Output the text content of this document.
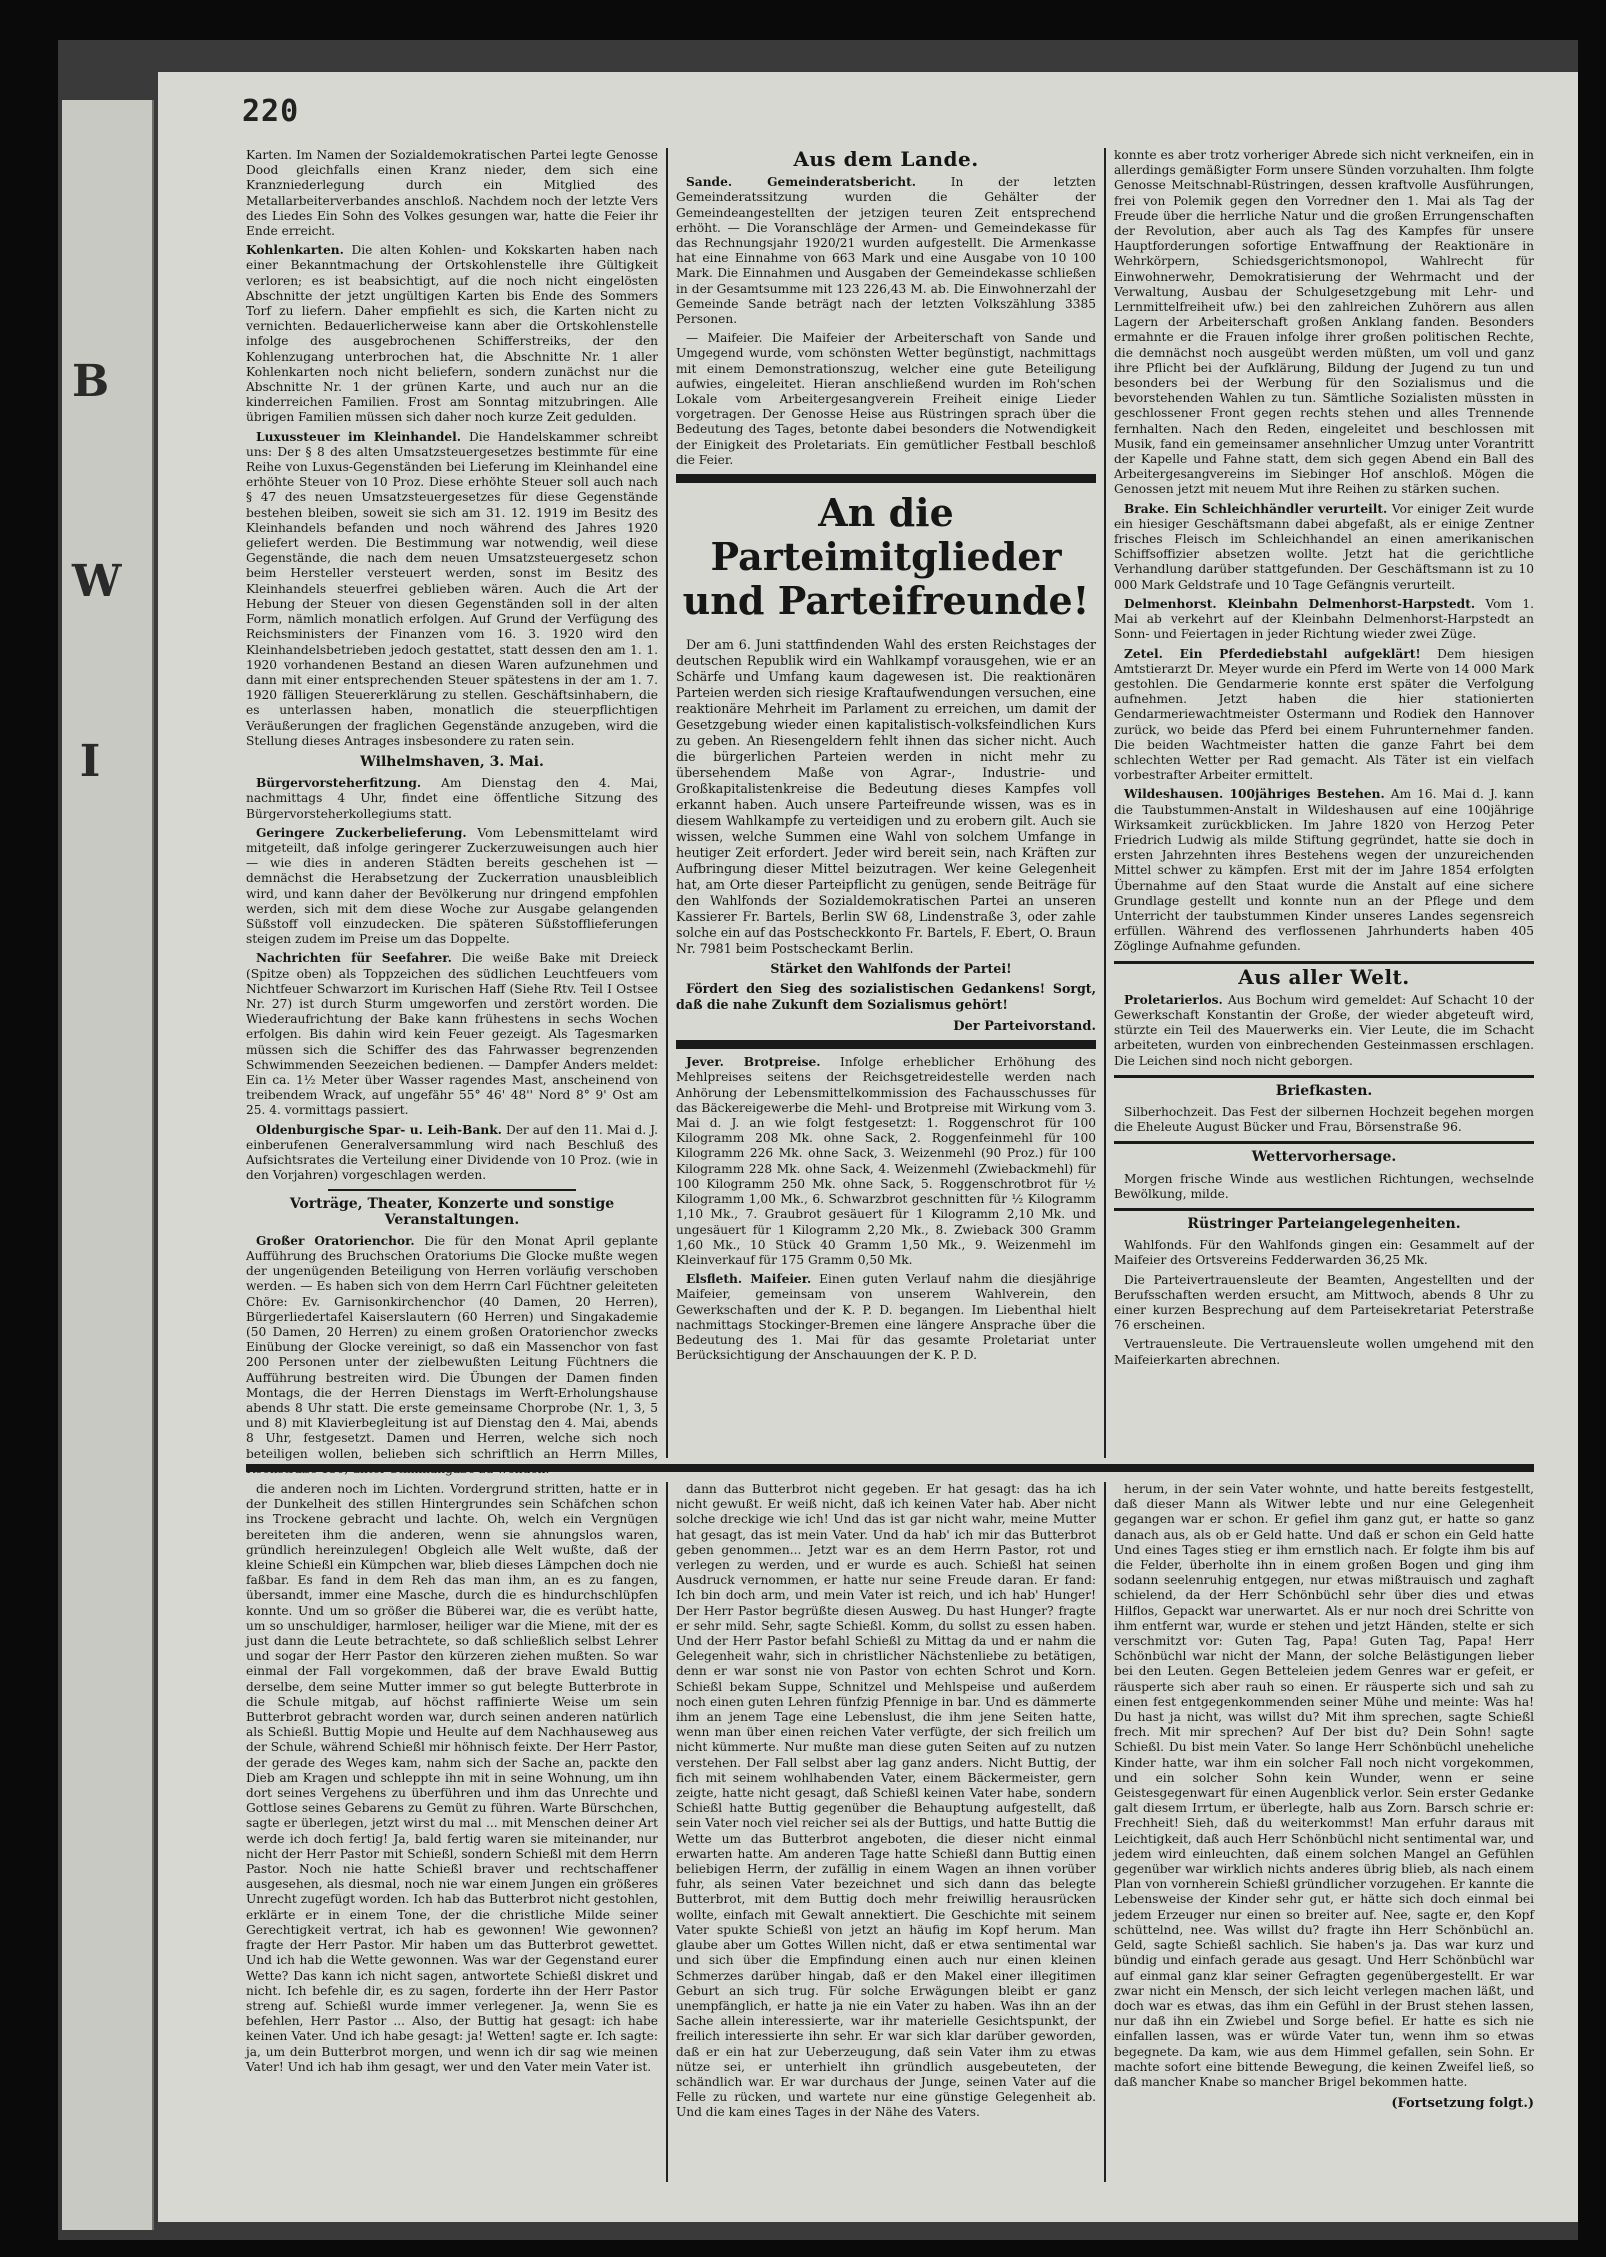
B
W
I
220

Karten. Im Namen der Sozialdemokratischen Partei legte Genosse Dood gleichfalls einen Kranz nieder, dem sich eine Kranzniederlegung durch ein Mitglied des Metallarbeiterverbandes anschloß. Nachdem noch der letzte Vers des Liedes Ein Sohn des Volkes gesungen war, hatte die Feier ihr Ende erreicht.

Kohlenkarten. Die alten Kohlen- und Kokskarten haben nach einer Bekanntmachung der Ortskohlenstelle ihre Gültigkeit verloren; es ist beabsichtigt, auf die noch nicht eingelösten Abschnitte der jetzt ungültigen Karten bis Ende des Sommers Torf zu liefern. Daher empfiehlt es sich, die Karten nicht zu vernichten. Bedauerlicherweise kann aber die Ortskohlenstelle infolge des ausgebrochenen Schifferstreiks, der den Kohlenzugang unterbrochen hat, die Abschnitte Nr. 1 aller Kohlenkarten noch nicht beliefern, sondern zunächst nur die Abschnitte Nr. 1 der grünen Karte, und auch nur an die kinderreichen Familien. Frost am Sonntag mitzubringen. Alle übrigen Familien müssen sich daher noch kurze Zeit gedulden.

Luxussteuer im Kleinhandel. Die Handelskammer schreibt uns: Der § 8 des alten Umsatzsteuergesetzes bestimmte für eine Reihe von Luxus-Gegenständen bei Lieferung im Kleinhandel eine erhöhte Steuer von 10 Proz. Diese erhöhte Steuer soll auch nach § 47 des neuen Umsatzsteuergesetzes für diese Gegenstände bestehen bleiben, soweit sie sich am 31. 12. 1919 im Besitz des Kleinhandels befanden und noch während des Jahres 1920 geliefert werden. Die Bestimmung war notwendig, weil diese Gegenstände, die nach dem neuen Umsatzsteuergesetz schon beim Hersteller versteuert werden, sonst im Besitz des Kleinhandels steuerfrei geblieben wären. Auch die Art der Hebung der Steuer von diesen Gegenständen soll in der alten Form, nämlich monatlich erfolgen. Auf Grund der Verfügung des Reichsministers der Finanzen vom 16. 3. 1920 wird den Kleinhandelsbetrieben jedoch gestattet, statt dessen den am 1. 1. 1920 vorhandenen Bestand an diesen Waren aufzunehmen und dann mit einer entsprechenden Steuer spätestens in der am 1. 7. 1920 fälligen Steuererklärung zu stellen. Geschäftsinhabern, die es unterlassen haben, monatlich die steuerpflichtigen Veräußerungen der fraglichen Gegenstände anzugeben, wird die Stellung dieses Antrages insbesondere zu raten sein.

Wilhelmshaven, 3. Mai.

Bürgervorsteherfitzung. Am Dienstag den 4. Mai, nachmittags 4 Uhr, findet eine öffentliche Sitzung des Bürgervorsteherkollegiums statt.

Geringere Zuckerbelieferung. Vom Lebensmittelamt wird mitgeteilt, daß infolge geringerer Zuckerzuweisungen auch hier — wie dies in anderen Städten bereits geschehen ist — demnächst die Herabsetzung der Zuckerration unausbleiblich wird, und kann daher der Bevölkerung nur dringend empfohlen werden, sich mit dem diese Woche zur Ausgabe gelangenden Süßstoff voll einzudecken. Die späteren Süßstofflieferungen steigen zudem im Preise um das Doppelte.

Nachrichten für Seefahrer. Die weiße Bake mit Dreieck (Spitze oben) als Toppzeichen des südlichen Leuchtfeuers vom Nichtfeuer Schwarzort im Kurischen Haff (Siehe Rtv. Teil I Ostsee Nr. 27) ist durch Sturm umgeworfen und zerstört worden. Die Wiederaufrichtung der Bake kann frühestens in sechs Wochen erfolgen. Bis dahin wird kein Feuer gezeigt. Als Tagesmarken müssen sich die Schiffer des das Fahrwasser begrenzenden Schwimmenden Seezeichen bedienen. — Dampfer Anders meldet: Ein ca. 1½ Meter über Wasser ragendes Mast, anscheinend von treibendem Wrack, auf ungefähr 55° 46' 48'' Nord 8° 9' Ost am 25. 4. vormittags passiert.

Oldenburgische Spar- u. Leih-Bank. Der auf den 11. Mai d. J. einberufenen Generalversammlung wird nach Beschluß des Aufsichtsrates die Verteilung einer Dividende von 10 Proz. (wie in den Vorjahren) vorgeschlagen werden.

Vorträge, Theater, Konzerte und sonstige Veranstaltungen.

Großer Oratorienchor. Die für den Monat April geplante Aufführung des Bruchschen Oratoriums Die Glocke mußte wegen der ungenügenden Beteiligung von Herren vorläufig verschoben werden. — Es haben sich von dem Herrn Carl Füchtner geleiteten Chöre: Ev. Garnisonkirchenchor (40 Damen, 20 Herren), Bürgerliedertafel Kaiserslautern (60 Herren) und Singakademie (50 Damen, 20 Herren) zu einem großen Oratorienchor zwecks Einübung der Glocke vereinigt, so daß ein Massenchor von fast 200 Personen unter der zielbewußten Leitung Füchtners die Aufführung bestreiten wird. Die Übungen der Damen finden Montags, die der Herren Dienstags im Werft-Erholungshause abends 8 Uhr statt. Die erste gemeinsame Chorprobe (Nr. 1, 3, 5 und 8) mit Klavierbegleitung ist auf Dienstag den 4. Mai, abends 8 Uhr, festgesetzt. Damen und Herren, welche sich noch beteiligen wollen, belieben sich schriftlich an Herrn Milles,

Aus dem Lande.

Sande. Gemeinderatsbericht.	In der letzten Gemeinderatssitzung wurden die Gehälter der Gemeindeangestellten der jetzigen teuren Zeit entsprechend erhöht. — Die Voranschläge der Armen- und Gemeindekasse für das Rechnungsjahr 1920/21 wurden aufgestellt. Die Armenkasse hat eine Einnahme von 663 Mark und eine Ausgabe von 10 100 Mark. Die Einnahmen und Ausgaben der Gemeindekasse schließen in der Gesamtsumme mit 123 226,43 M. ab. Die Einwohnerzahl der Gemeinde Sande beträgt nach der letzten Volkszählung 3385 Personen.

— Maifeier. Die Maifeier der Arbeiterschaft von Sande und Umgegend wurde, vom schönsten Wetter begünstigt, nachmittags mit einem Demonstrationszug, welcher eine gute Beteiligung aufwies, eingeleitet. Hieran anschließend wurden im Roh'schen Lokale vom Arbeitergesangverein Freiheit einige Lieder vorgetragen. Der Genosse Heise aus Rüstringen sprach über die Bedeutung des Tages, betonte dabei besonders die Notwendigkeit der Einigkeit des Proletariats. Ein gemütlicher Festball beschloß die Feier.

An die Parteimitglieder und Parteifreunde!

Der am 6. Juni stattfindenden Wahl des ersten Reichstages der deutschen Republik wird ein Wahlkampf vorausgehen, wie er an Schärfe und Umfang kaum dagewesen ist. Die reaktionären Parteien werden sich riesige Kraftaufwendungen versuchen, eine reaktionäre Mehrheit im Parlament zu erreichen, um damit der Gesetzgebung wieder einen kapitalistisch-volksfeindlichen Kurs zu geben. An Riesengeldern fehlt ihnen das sicher nicht. Auch die bürgerlichen Parteien werden in nicht mehr zu übersehendem Maße von Agrar-, Industrie- und Großkapitalistenkreise die Bedeutung dieses Kampfes voll erkannt haben. Auch unsere Parteifreunde wissen, was es in diesem Wahlkampfe zu verteidigen und zu erobern gilt. Auch sie wissen, welche Summen eine Wahl von solchem Umfange in heutiger Zeit erfordert. Jeder wird bereit sein, nach Kräften zur Aufbringung dieser Mittel beizutragen. Wer keine Gelegenheit hat, am Orte dieser Parteipflicht zu genügen, sende Beiträge für den Wahlfonds der Sozialdemokratischen Partei an unseren Kassierer Fr. Bartels, Berlin SW 68, Lindenstraße 3, oder zahle solche ein auf das Postscheckkonto Fr. Bartels, F. Ebert, O. Braun Nr. 7981 beim Postscheckamt Berlin.

Stärket den Wahlfonds der Partei!

Fördert den Sieg des sozialistischen Gedankens! Sorgt, daß die nahe Zukunft dem Sozialismus gehört!

Der Parteivorstand.

Jever. Brotpreise. Infolge erheblicher Erhöhung des Mehlpreises seitens der Reichsgetreidestelle werden nach Anhörung der Lebensmittelkommission des Fachausschusses für das Bäckereigewerbe die Mehl- und Brotpreise mit Wirkung vom 3. Mai d. J. an wie folgt festgesetzt: 1. Roggenschrot für 100 Kilogramm 208 Mk. ohne Sack, 2. Roggenfeinmehl für 100 Kilogramm 226 Mk. ohne Sack, 3. Weizenmehl (90 Proz.) für 100 Kilogramm 228 Mk. ohne Sack, 4. Weizenmehl (Zwiebackmehl) für 100 Kilogramm 250 Mk. ohne Sack, 5. Roggenschrotbrot für ½ Kilogramm 1,00 Mk., 6. Schwarzbrot geschnitten für ½ Kilogramm 1,10 Mk., 7. Graubrot gesäuert für 1 Kilogramm 2,10 Mk. und ungesäuert für 1 Kilogramm 2,20 Mk., 8. Zwieback 300 Gramm 1,60 Mk., 10 Stück 40 Gramm 1,50 Mk., 9. Weizenmehl im Kleinverkauf für 175 Gramm 0,50 Mk.

Elsfleth. Maifeier. Einen guten Verlauf nahm die diesjährige Maifeier, gemeinsam von unserem Wahlverein, den Gewerkschaften und der K. P. D. begangen. Im Liebenthal hielt nachmittags Stockinger-Bremen eine längere Ansprache über die Bedeutung des 1. Mai für das gesamte Proletariat unter Berücksichtigung der Anschauungen der K. P. D.

konnte es aber trotz vorheriger Abrede sich nicht verkneifen, ein in allerdings gemäßigter Form unsere Sünden vorzuhalten. Ihm folgte Genosse Meitschnabl-Rüstringen, dessen kraftvolle Ausführungen, frei von Polemik gegen den Vorredner den 1. Mai als Tag der Freude über die herrliche Natur und die großen Errungenschaften der Revolution, aber auch als Tag des Kampfes für unsere Hauptforderungen sofortige Entwaffnung der Reaktionäre in Wehrkörpern, Schiedsgerichtsmonopol, Wahlrecht für Einwohnerwehr, Demokratisierung der Wehrmacht und der Verwaltung, Ausbau der Schulgesetzgebung mit Lehr- und Lernmittelfreiheit ufw.) bei den zahlreichen Zuhörern aus allen Lagern der Arbeiterschaft großen Anklang fanden. Besonders ermahnte er die Frauen infolge ihrer großen politischen Rechte, die demnächst noch ausgeübt werden müßten, um voll und ganz ihre Pflicht bei der Aufklärung, Bildung der Jugend zu tun und besonders bei der Werbung für den Sozialismus und die bevorstehenden Wahlen zu tun. Sämtliche Sozialisten müssten in geschlossener Front gegen rechts stehen und alles Trennende fernhalten. Nach den Reden, eingeleitet und beschlossen mit Musik, fand ein gemeinsamer ansehnlicher Umzug unter Vorantritt der Kapelle und Fahne statt, dem sich gegen Abend ein Ball des Arbeitergesangvereins im Siebinger Hof anschloß. Mögen die Genossen jetzt mit neuem Mut ihre Reihen zu stärken suchen.

Brake. Ein Schleichhändler verurteilt. Vor einiger Zeit wurde ein hiesiger Geschäftsmann dabei abgefaßt, als er einige Zentner frisches Fleisch im Schleichhandel an einen amerikanischen Schiffsoffizier absetzen wollte. Jetzt hat die gerichtliche Verhandlung darüber stattgefunden. Der Geschäftsmann ist zu 10 000 Mark Geldstrafe und 10 Tage Gefängnis verurteilt.

Delmenhorst. Kleinbahn Delmenhorst-Harpstedt. Vom 1. Mai ab verkehrt auf der Kleinbahn Delmenhorst-Harpstedt an Sonn- und Feiertagen in jeder Richtung wieder zwei Züge.

Zetel. Ein Pferdediebstahl aufgeklärt! Dem hiesigen Amtstierarzt Dr. Meyer wurde ein Pferd im Werte von 14 000 Mark gestohlen. Die Gendarmerie konnte erst später die Verfolgung aufnehmen. Jetzt haben die hier stationierten Gendarmeriewachtmeister Ostermann und Rodiek den Hannover zurück, wo beide das Pferd bei einem Fuhrunternehmer fanden. Die beiden Wachtmeister hatten die ganze Fahrt bei dem schlechten Wetter per Rad gemacht. Als Täter ist ein vielfach vorbestrafter Arbeiter ermittelt.

Wildeshausen. 100jähriges Bestehen. Am 16. Mai d. J. kann die Taubstummen-Anstalt in Wildeshausen auf eine 100jährige Wirksamkeit zurückblicken. Im Jahre 1820 von Herzog Peter Friedrich Ludwig als milde Stiftung gegründet, hatte sie doch in ersten Jahrzehnten ihres Bestehens wegen der unzureichenden Mittel schwer zu kämpfen. Erst mit der im Jahre 1854 erfolgten Übernahme auf den Staat wurde die Anstalt auf eine sichere Grundlage gestellt und konnte nun an der Pflege und dem Unterricht der taubstummen Kinder unseres Landes segensreich erfüllen. Während des verflossenen Jahrhunderts haben 405 Zöglinge Aufnahme gefunden.

Aus aller Welt.

Proletarierlos. Aus Bochum wird gemeldet: Auf Schacht 10 der Gewerkschaft Konstantin der Große, der wieder abgeteuft wird, stürzte ein Teil des Mauerwerks ein. Vier Leute, die im Schacht arbeiteten, wurden von einbrechenden Gesteinmassen erschlagen. Die Leichen sind noch nicht geborgen.

Briefkasten.

Silberhochzeit. Das Fest der silbernen Hochzeit begehen morgen die Eheleute August Bücker und Frau, Börsenstraße 96.

Wettervorhersage.

Morgen frische Winde aus westlichen Richtungen, wechselnde Bewölkung, milde.

Rüstringer Parteiangelegenheiten.

Wahlfonds. Für den Wahlfonds gingen ein: Gesammelt auf der Maifeier des Ortsvereins Fedderwarden 36,25 Mk.

Die Parteivertrauensleute der Beamten, Angestellten und der Berufsschaften werden ersucht, am Mittwoch, abends 8 Uhr zu einer kurzen Besprechung auf dem Parteisekretariat Peterstraße 76 erscheinen.

Vertrauensleute. Die Vertrauensleute wollen umgehend mit den Maifeierkarten abrechnen.

die anderen noch im Lichten. Vordergrund stritten, hatte er in der Dunkelheit des stillen Hintergrundes sein Schäfchen schon ins Trockene gebracht und lachte. Oh, welch ein Vergnügen bereiteten ihm die anderen, wenn sie ahnungslos waren, gründlich hereinzulegen! Obgleich alle Welt wußte, daß der kleine Schießl ein Kümpchen war, blieb dieses Lämpchen doch nie faßbar. Es fand in dem Reh das man ihm, an es zu fangen, übersandt, immer eine Masche, durch die es hindurchschlüpfen konnte. Und um so größer die Büberei war, die es verübt hatte, um so unschuldiger, harmloser, heiliger war die Miene, mit der es just dann die Leute betrachtete, so daß schließlich selbst Lehrer und sogar der Herr Pastor den kürzeren ziehen mußten. So war einmal der Fall vorgekommen, daß der brave Ewald Buttig derselbe, dem seine Mutter immer so gut belegte Butterbrote in die Schule mitgab, auf höchst raffinierte Weise um sein Butterbrot gebracht worden war, durch seinen anderen natürlich als Schießl. Buttig Mopie und Heulte auf dem Nachhauseweg aus der Schule, während Schießl mir höhnisch feixte. Der Herr Pastor, der gerade des Weges kam, nahm sich der Sache an, packte den Dieb am Kragen und schleppte ihn mit in seine Wohnung, um ihn dort seines Vergehens zu überführen und ihm das Unrechte und Gottlose seines Gebarens zu Gemüt zu führen. Warte Bürschchen, sagte er überlegen, jetzt wirst du mal ... mit Menschen deiner Art werde ich doch fertig! Ja, bald fertig waren sie miteinander, nur nicht der Herr Pastor mit Schießl, sondern Schießl mit dem Herrn Pastor. Noch nie hatte Schießl braver und rechtschaffener ausgesehen, als diesmal, noch nie war einem Jungen ein größeres Unrecht zugefügt worden. Ich hab das Butterbrot nicht gestohlen, erklärte er in einem Tone, der die christliche Milde seiner Gerechtigkeit vertrat, ich hab es gewonnen! Wie gewonnen? fragte der Herr Pastor. Mir haben um das Butterbrot gewettet. Und ich hab die Wette gewonnen. Was war der Gegenstand eurer Wette? Das kann ich nicht sagen, antwortete Schießl diskret und nicht. Ich befehle dir, es zu sagen, forderte ihn der Herr Pastor streng auf. Schießl wurde immer verlegener. Ja, wenn Sie es befehlen, Herr Pastor ... Also, der Buttig hat gesagt: ich habe keinen Vater. Und ich habe gesagt: ja! Wetten! sagte er. Ich sagte: ja, um dein Butterbrot morgen, und wenn ich dir sag wie meinen Vater! Und ich hab ihm gesagt, wer und den Vater mein Vater ist.

dann das Butterbrot nicht gegeben. Er hat gesagt: das ha ich nicht gewußt. Er weiß nicht, daß ich keinen Vater hab. Aber nicht solche dreckige wie ich! Und das ist gar nicht wahr, meine Mutter hat gesagt, das ist mein Vater. Und da hab' ich mir das Butterbrot geben genommen... Jetzt war es an dem Herrn Pastor, rot und verlegen zu werden, und er wurde es auch. Schießl hat seinen Ausdruck vernommen, er hatte nur seine Freude daran. Er fand: Ich bin doch arm, und mein Vater ist reich, und ich hab' Hunger! Der Herr Pastor begrüßte diesen Ausweg. Du hast Hunger? fragte er sehr mild. Sehr, sagte Schießl. Komm, du sollst zu essen haben. Und der Herr Pastor befahl Schießl zu Mittag da und er nahm die Gelegenheit wahr, sich in christlicher Nächstenliebe zu betätigen, denn er war sonst nie von Pastor von echten Schrot und Korn. Schießl bekam Suppe, Schnitzel und Mehlspeise und außerdem noch einen guten Lehren fünfzig Pfennige in bar. Und es dämmerte ihm an jenem Tage eine Lebenslust, die ihm jene Seiten hatte, wenn man über einen reichen Vater verfügte, der sich freilich um nicht kümmerte. Nur mußte man diese guten Seiten auf zu nutzen verstehen. Der Fall selbst aber lag ganz anders. Nicht Buttig, der fich mit seinem wohlhabenden Vater, einem Bäckermeister, gern zeigte, hatte nicht gesagt, daß Schießl keinen Vater habe, sondern Schießl hatte Buttig gegenüber die Behauptung aufgestellt, daß sein Vater noch viel reicher sei als der Buttigs, und hatte Buttig die Wette um das Butterbrot angeboten, die dieser nicht einmal erwarten hatte. Am anderen Tage hatte Schießl dann Buttig einen beliebigen Herrn, der zufällig in einem Wagen an ihnen vorüber fuhr, als seinen Vater bezeichnet und sich dann das belegte Butterbrot, mit dem Buttig doch mehr freiwillig herausrücken wollte, einfach mit Gewalt annektiert. Die Geschichte mit seinem Vater spukte Schießl von jetzt an häufig im Kopf herum. Man glaube aber um Gottes Willen nicht, daß er etwa sentimental war und sich über die Empfindung einen auch nur einen kleinen Schmerzes darüber hingab, daß er den Makel einer illegitimen Geburt an sich trug. Für solche Erwägungen bleibt er ganz unempfänglich, er hatte ja nie ein Vater zu haben. Was ihn an der Sache allein interessierte, war ihr materielle Gesichtspunkt, der freilich interessierte ihn sehr. Er war sich klar darüber geworden, daß er ein hat zur Ueberzeugung, daß sein Vater ihm zu etwas nütze sei, er unterhielt ihn gründlich ausgebeuteten, der schändlich war. Er war durchaus der Junge, seinen Vater auf die Felle zu rücken, und wartete nur eine günstige Gelegenheit ab. Und die kam eines Tages in der Nähe des Vaters.

herum, in der sein Vater wohnte, und hatte bereits festgestellt, daß dieser Mann als Witwer lebte und nur eine Gelegenheit gegangen war er schon. Er gefiel ihm ganz gut, er hatte so ganz danach aus, als ob er Geld hatte. Und daß er schon ein Geld hatte Und eines Tages stieg er ihm ernstlich nach. Er folgte ihm bis auf die Felder, überholte ihn in einem großen Bogen und ging ihm sodann seelenruhig entgegen, nur etwas mißtrauisch und zaghaft schielend, da der Herr Schönbüchl sehr über dies und etwas Hilflos, Gepackt war unerwartet. Als er nur noch drei Schritte von ihm entfernt war, wurde er stehen und jetzt Händen, stelte er sich verschmitzt vor: Guten Tag, Papa! Guten Tag, Papa! Herr Schönbüchl war nicht der Mann, der solche Belästigungen lieber bei den Leuten. Gegen Betteleien jedem Genres war er gefeit, er räusperte sich aber rauh so einen. Er räusperte sich und sah zu einen fest entgegenkommenden seiner Mühe und meinte: Was ha! Du hast ja nicht, was willst du? Mit ihm sprechen, sagte Schießl frech. Mit mir sprechen? Auf Der bist du? Dein Sohn! sagte Schießl. Du bist mein Vater. So lange Herr Schönbüchl uneheliche Kinder hatte, war ihm ein solcher Fall noch nicht vorgekommen, und ein solcher Sohn kein Wunder, wenn er seine Geistesgegenwart für einen Augenblick verlor. Sein erster Gedanke galt diesem Irrtum, er überlegte, halb aus Zorn. Barsch schrie er: Frechheit! Sieh, daß du weiterkommst! Man erfuhr daraus mit Leichtigkeit, daß auch Herr Schönbüchl nicht sentimental war, und jedem wird einleuchten, daß einem solchen Mangel an Gefühlen gegenüber war wirklich nichts anderes übrig blieb, als nach einem Plan von vornherein Schießl gründlicher vorzugehen. Er kannte die Lebensweise der Kinder sehr gut, er hätte sich doch einmal bei jedem Erzeuger nur einen so breiter auf. Nee, sagte er, den Kopf schüttelnd, nee. Was willst du? fragte ihn Herr Schönbüchl an. Geld, sagte Schießl sachlich. Sie haben's ja. Das war kurz und bündig und einfach gerade aus gesagt. Und Herr Schönbüchl war auf einmal ganz klar seiner Gefragten gegenübergestellt. Er war zwar nicht ein Mensch, der sich leicht verlegen machen läßt, und doch war es etwas, das ihm ein Gefühl in der Brust stehen lassen, nur daß ihn ein Zwiebel und Sorge befiel. Er hatte es sich nie einfallen lassen, was er würde Vater tun, wenn ihm so etwas begegnete. Da kam, wie aus dem Himmel gefallen, sein Sohn. Er machte sofort eine bittende Bewegung, die keinen Zweifel ließ, so daß mancher Knabe so mancher Brigel bekommen hatte.

(Fortsetzung folgt.)
